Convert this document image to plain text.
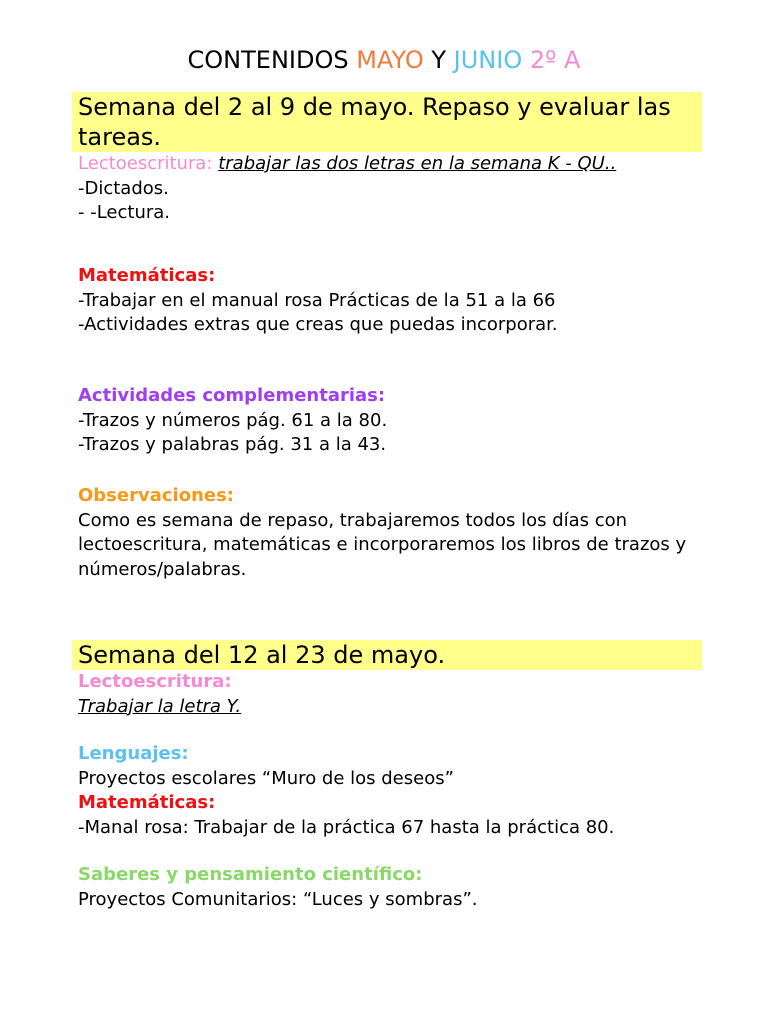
CONTENIDOS MAYO Y JUNIO 2º A
Semana del 2 al 9 de mayo. Repaso y evaluar las tareas.
Lectoescritura: trabajar las dos letras en la semana K - QU..
-Dictados.
- -Lectura.
Matemáticas:
-Trabajar en el manual rosa Prácticas de la 51 a la 66
-Actividades extras que creas que puedas incorporar.
Actividades complementarias:
-Trazos y números pág. 61 a la 80.
-Trazos y palabras pág. 31 a la 43.
Observaciones:
Como es semana de repaso, trabajaremos todos los días con lectoescritura, matemáticas e incorporaremos los libros de trazos y números/palabras.
Semana del 12 al 23 de mayo.
Lectoescritura:
Trabajar la letra Y.
Lenguajes:
Proyectos escolares “Muro de los deseos”
Matemáticas:
-Manal rosa: Trabajar de la práctica 67 hasta la práctica 80.
Saberes y pensamiento científico:
Proyectos Comunitarios: “Luces y sombras”.
